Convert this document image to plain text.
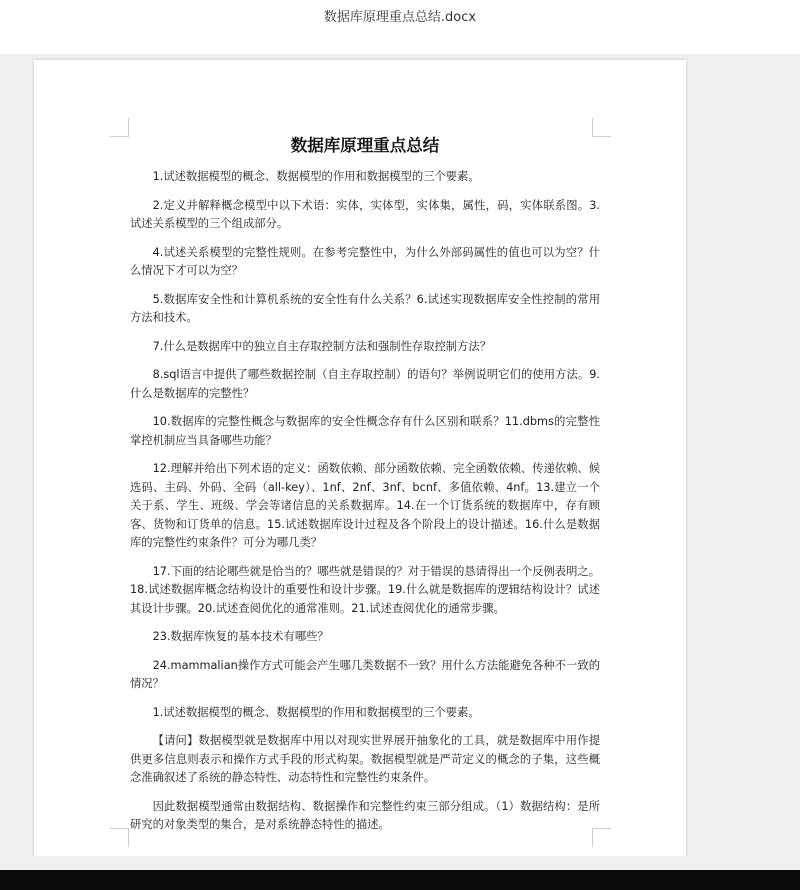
数据库原理重点总结.docx
数据库原理重点总结

1.试述数据模型的概念、数据模型的作用和数据模型的三个要素。

2.定义并解释概念模型中以下术语：实体，实体型，实体集，属性，码，实体联系图。3.试述关系模型的三个组成部分。

4.试述关系模型的完整性规则。在参考完整性中，为什么外部码属性的值也可以为空？什么情况下才可以为空？

5.数据库安全性和计算机系统的安全性有什么关系？6.试述实现数据库安全性控制的常用方法和技术。

7.什么是数据库中的独立自主存取控制方法和强制性存取控制方法？

8.sql语言中提供了哪些数据控制（自主存取控制）的语句？举例说明它们的使用方法。9.什么是数据库的完整性？

10.数据库的完整性概念与数据库的安全性概念存有什么区别和联系？11.dbms的完整性掌控机制应当具备哪些功能？

12.理解并给出下列术语的定义：函数依赖、部分函数依赖、完全函数依赖、传递依赖、候选码、主码、外码、全码（all-key）、1nf、2nf、3nf、bcnf、多值依赖、4nf。13.建立一个关于系、学生、班级、学会等诸信息的关系数据库。14.在一个订货系统的数据库中，存有顾客、货物和订货单的信息。15.试述数据库设计过程及各个阶段上的设计描述。16.什么是数据库的完整性约束条件？可分为哪几类？

17.下面的结论哪些就是恰当的？哪些就是错误的？对于错误的恳请得出一个反例表明之。18.试述数据库概念结构设计的重要性和设计步骤。19.什么就是数据库的逻辑结构设计？试述其设计步骤。20.试述查阅优化的通常准则。21.试述查阅优化的通常步骤。

23.数据库恢复的基本技术有哪些？

24.mammalian操作方式可能会产生哪几类数据不一致？用什么方法能避免各种不一致的情况？

1.试述数据模型的概念、数据模型的作用和数据模型的三个要素。

【请问】数据模型就是数据库中用以对现实世界展开抽象化的工具，就是数据库中用作提供更多信息则表示和操作方式手段的形式构架。数据模型就是严苛定义的概念的子集，这些概念准确叙述了系统的静态特性、动态特性和完整性约束条件。

因此数据模型通常由数据结构、数据操作和完整性约束三部分组成。（1）数据结构：是所研究的对象类型的集合，是对系统静态特性的描述。
